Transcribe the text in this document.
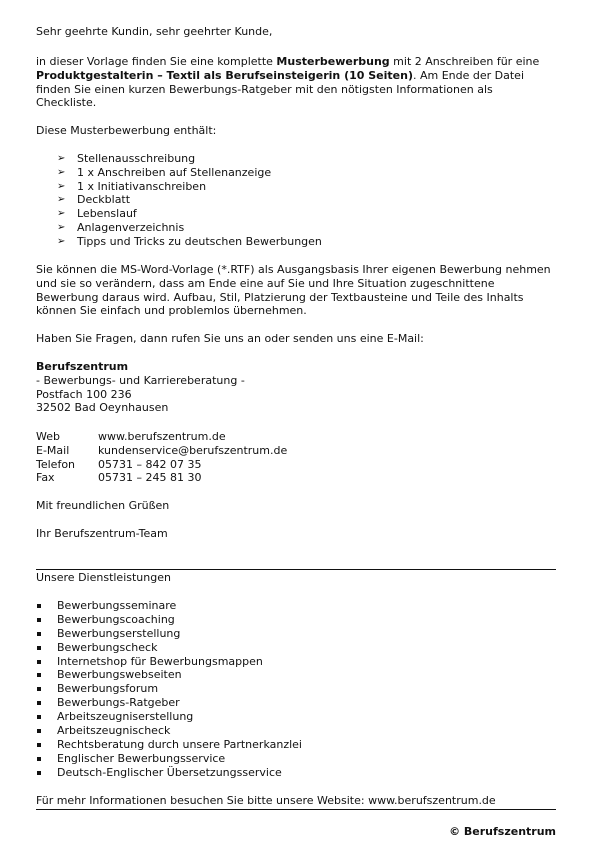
Sehr geehrte Kundin, sehr geehrter Kunde,

in dieser Vorlage finden Sie eine komplette Musterbewerbung mit 2 Anschreiben für eine Produktgestalterin – Textil als Berufseinsteigerin (10 Seiten). Am Ende der Datei finden Sie einen kurzen Bewerbungs-Ratgeber mit den nötigsten Informationen als Checkliste.

Diese Musterbewerbung enthält:

➢ Stellenausschreibung
➢ 1 x Anschreiben auf Stellenanzeige
➢ 1 x Initiativanschreiben
➢ Deckblatt
➢ Lebenslauf
➢ Anlagenverzeichnis
➢ Tipps und Tricks zu deutschen Bewerbungen

Sie können die MS-Word-Vorlage (*.RTF) als Ausgangsbasis Ihrer eigenen Bewerbung nehmen und sie so verändern, dass am Ende eine auf Sie und Ihre Situation zugeschnittene Bewerbung daraus wird. Aufbau, Stil, Platzierung der Textbausteine und Teile des Inhalts können Sie einfach und problemlos übernehmen.

Haben Sie Fragen, dann rufen Sie uns an oder senden uns eine E-Mail:

Berufszentrum

- Bewerbungs- und Karriereberatung -

Postfach 100 236

32502 Bad Oeynhausen

Web	www.berufszentrum.de
E-Mail	kundenservice@berufszentrum.de
Telefon	05731 – 842 07 35
Fax	05731 – 245 81 30

Mit freundlichen Grüßen

Ihr Berufszentrum-Team

Unsere Dienstleistungen

Bewerbungsseminare
Bewerbungscoaching
Bewerbungserstellung
Bewerbungscheck
Internetshop für Bewerbungsmappen
Bewerbungswebseiten
Bewerbungsforum
Bewerbungs-Ratgeber
Arbeitszeugniserstellung
Arbeitszeugnischeck
Rechtsberatung durch unsere Partnerkanzlei
Englischer Bewerbungsservice
Deutsch-Englischer Übersetzungsservice

Für mehr Informationen besuchen Sie bitte unsere Website: www.berufszentrum.de

© Berufszentrum
